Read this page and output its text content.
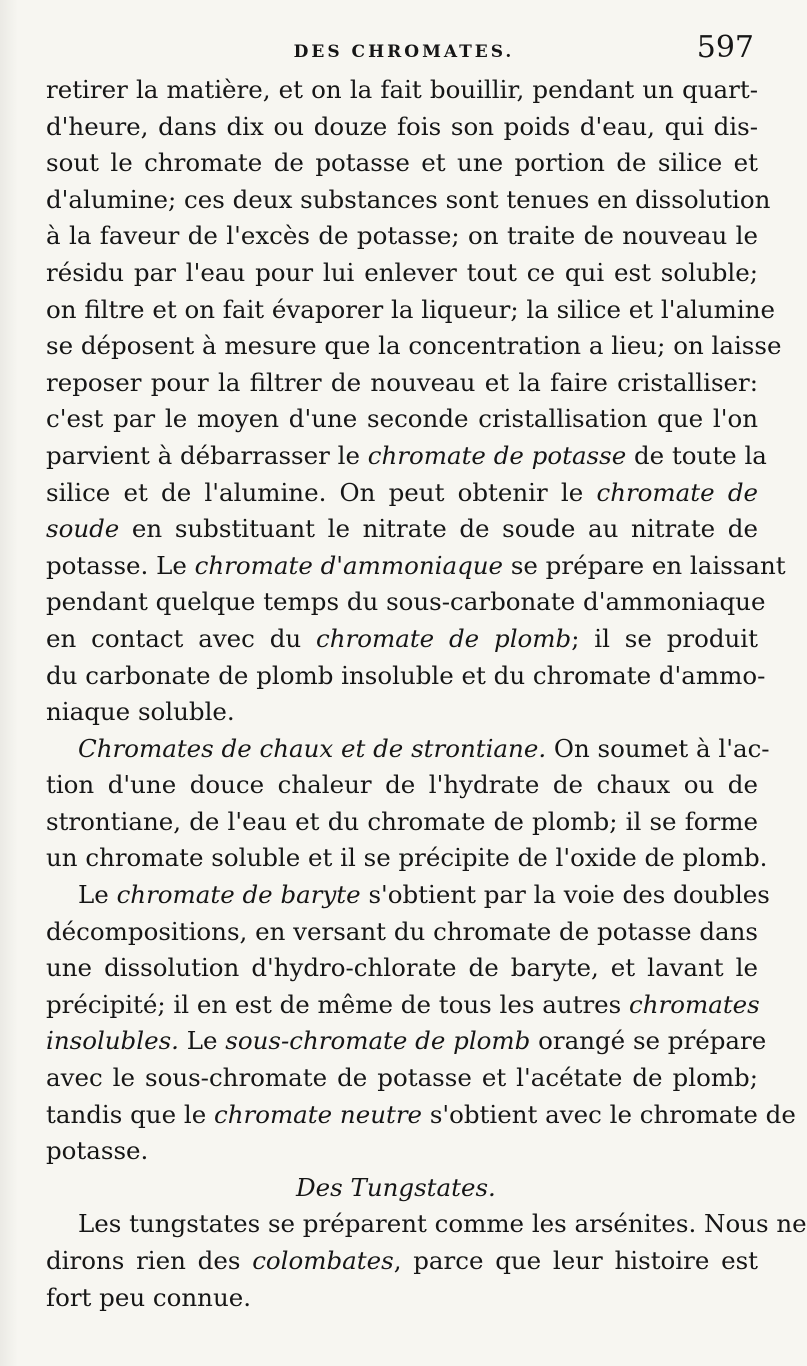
DES CHROMATES.	597
retirer la matière, et on la fait bouillir, pendant un quart-
d'heure, dans dix ou douze fois son poids d'eau, qui dis-
sout le chromate de potasse et une portion de silice et
d'alumine; ces deux substances sont tenues en dissolution
à la faveur de l'excès de potasse; on traite de nouveau le
résidu par l'eau pour lui enlever tout ce qui est soluble;
on filtre et on fait évaporer la liqueur; la silice et l'alumine
se déposent à mesure que la concentration a lieu; on laisse
reposer pour la filtrer de nouveau et la faire cristalliser:
c'est par le moyen d'une seconde cristallisation que l'on
parvient à débarrasser le chromate de potasse de toute la
silice et de l'alumine. On peut obtenir le chromate de
soude en substituant le nitrate de soude au nitrate de
potasse. Le chromate d'ammoniaque se prépare en laissant
pendant quelque temps du sous-carbonate d'ammoniaque
en contact avec du chromate de plomb; il se produit
du carbonate de plomb insoluble et du chromate d'ammo-
niaque soluble.
Chromates de chaux et de strontiane. On soumet à l'ac-
tion d'une douce chaleur de l'hydrate de chaux ou de
strontiane, de l'eau et du chromate de plomb; il se forme
un chromate soluble et il se précipite de l'oxide de plomb.
Le chromate de baryte s'obtient par la voie des doubles
décompositions, en versant du chromate de potasse dans
une dissolution d'hydro-chlorate de baryte, et lavant le
précipité; il en est de même de tous les autres chromates
insolubles. Le sous-chromate de plomb orangé se prépare
avec le sous-chromate de potasse et l'acétate de plomb;
tandis que le chromate neutre s'obtient avec le chromate de
potasse.
Des Tungstates.
Les tungstates se préparent comme les arsénites. Nous ne
dirons rien des colombates, parce que leur histoire est
fort peu connue.
